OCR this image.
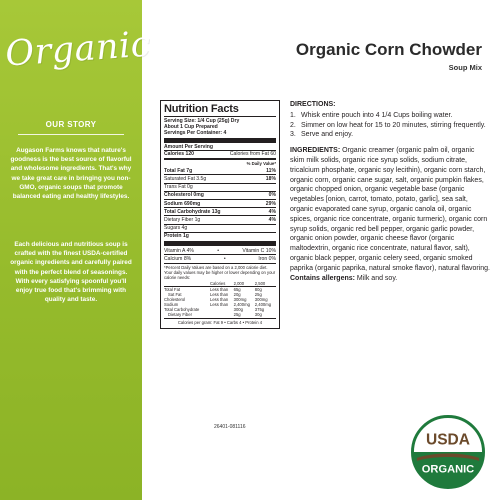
Organic
OUR STORY
Augason Farms knows that nature's goodness is the best source of flavorful and wholesome ingredients. That's why we take great care in bringing you non-GMO, organic soups that promote balanced eating and healthy lifestyles.
Each delicious and nutritious soup is crafted with the finest USDA-certified organic ingredients and carefully paired with the perfect blend of seasonings. With every satisfying spoonful you'll enjoy true food that's brimming with quality and taste.
Organic Corn Chowder
Soup Mix
Nutrition Facts
Serving Size: 1/4 Cup (25g) Dry
About 1 Cup Prepared
Servings Per Container: 4
Amount Per Serving
Calories 120	Calories from Fat 60
% Daily Value*
Total Fat 7g	11%
Saturated Fat 3.5g	18%
Trans Fat 0g
Cholesterol 0mg	0%
Sodium 690mg	29%
Total Carbohydrate 13g	4%
Dietary Fiber 1g	4%
Sugars 4g
Protein 1g
Vitamin A 4%	•	Vitamin C 10%
Calcium 8%	•	Iron 0%
*Percent Daily Values are based on a 2,000 calorie diet. Your daily values may be higher or lower depending on your calorie needs:
	Calories	2,000	2,500
Total Fat	Less than	65g	80g
Sat Fat	Less than	20g	25g
Cholesterol	Less than	300mg	300mg
Sodium	Less than	2,400mg	2,400mg
Total Carbohydrate		300g	375g
Dietary Fiber		25g	30g
Calories per gram: Fat 9 • Carbs 4 • Protein 4
26401-081116
DIRECTIONS:
1. Whisk entire pouch into 4 1/4 Cups boiling water.
2. Simmer on low heat for 15 to 20 minutes, stirring frequently.
3. Serve and enjoy.
INGREDIENTS: Organic creamer (organic palm oil, organic skim milk solids, organic rice syrup solids, sodium citrate, tricalcium phosphate, organic soy lecithin), organic corn starch, organic corn, organic cane sugar, salt, organic pumpkin flakes, organic chopped onion, organic vegetable base (organic vegetables [onion, carrot, tomato, potato, garlic], sea salt, organic evaporated cane syrup, organic canola oil, organic spices, organic rice concentrate, organic turmeric), organic corn syrup solids, organic red bell pepper, organic garlic powder, organic onion powder, organic cheese flavor (organic maltodextrin, organic rice concentrate, natural flavor, salt), organic black pepper, organic celery seed, organic smoked paprika (organic paprika, natural smoke flavor), natural flavoring.
Contains allergens: Milk and soy.
USDA
ORGANIC
